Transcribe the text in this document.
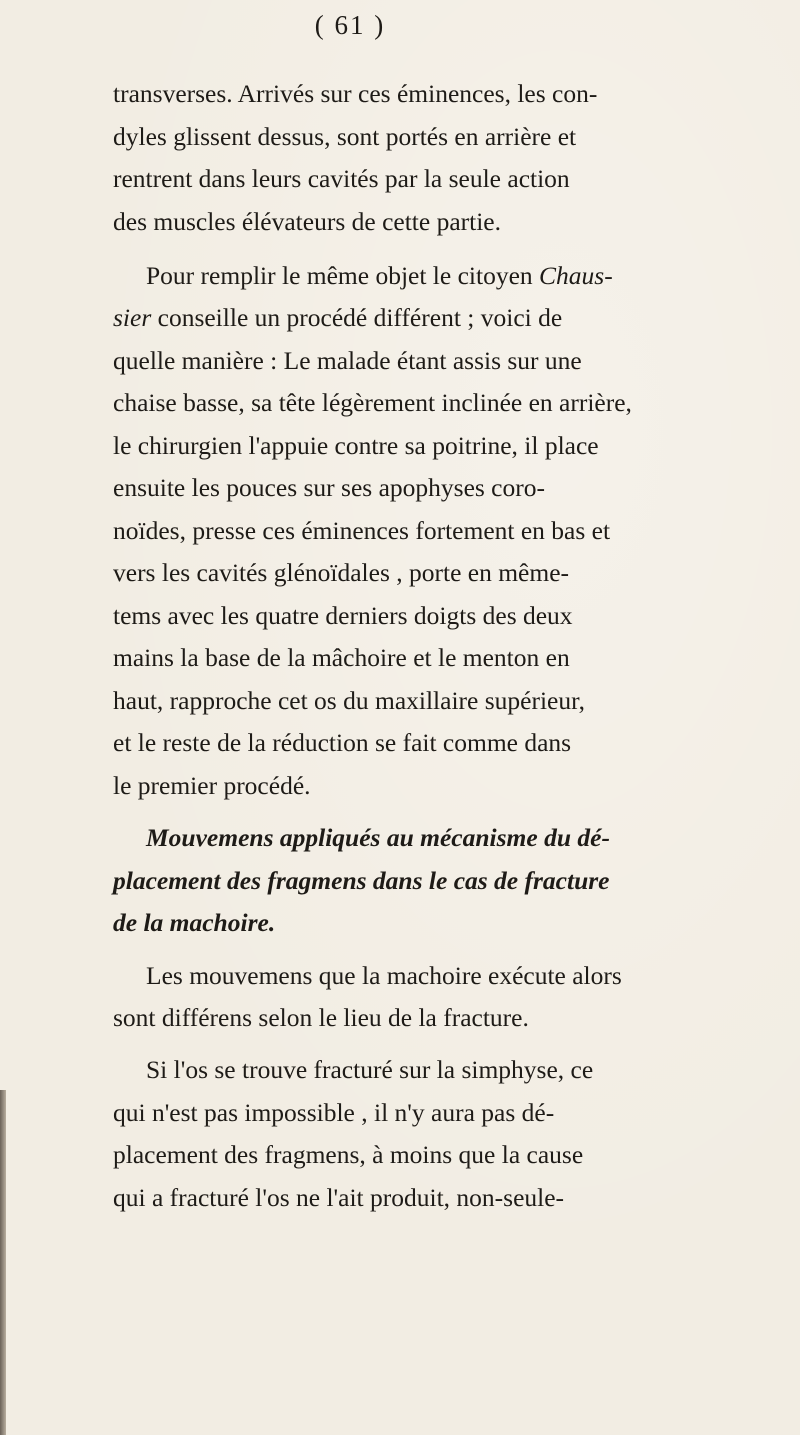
( 61 )
transverses. Arrivés sur ces éminences, les con-
dyles glissent dessus, sont portés en arrière et
rentrent dans leurs cavités par la seule action
des muscles élévateurs de cette partie.
Pour remplir le même objet le citoyen Chaus-
sier conseille un procédé différent ; voici de
quelle manière : Le malade étant assis sur une
chaise basse, sa tête légèrement inclinée en arrière,
le chirurgien l'appuie contre sa poitrine, il place
ensuite les pouces sur ses apophyses coro-
noïdes, presse ces éminences fortement en bas et
vers les cavités glénoïdales , porte en même-
tems avec les quatre derniers doigts des deux
mains la base de la mâchoire et le menton en
haut, rapproche cet os du maxillaire supérieur,
et le reste de la réduction se fait comme dans
le premier procédé.
Mouvemens appliqués au mécanisme du dé-
placement des fragmens dans le cas de fracture
de la machoire.
Les mouvemens que la machoire exécute alors
sont différens selon le lieu de la fracture.
Si l'os se trouve fracturé sur la simphyse, ce
qui n'est pas impossible , il n'y aura pas dé-
placement des fragmens, à moins que la cause
qui a fracturé l'os ne l'ait produit, non-seule-
